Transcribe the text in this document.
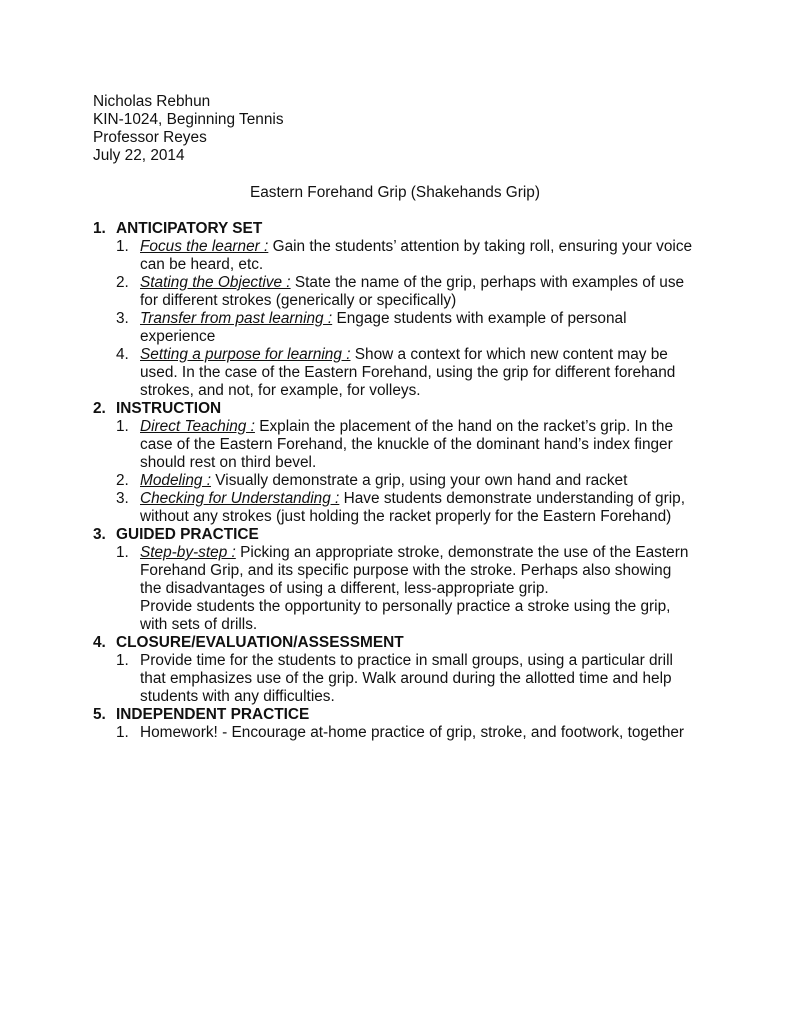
Nicholas Rebhun
KIN-1024, Beginning Tennis
Professor Reyes
July 22, 2014
Eastern Forehand Grip (Shakehands Grip)
1. ANTICIPATORY SET
1. Focus the learner : Gain the students’ attention by taking roll, ensuring your voice
can be heard, etc.
2. Stating the Objective : State the name of the grip, perhaps with examples of use
for different strokes (generically or specifically)
3. Transfer from past learning : Engage students with example of personal
experience
4. Setting a purpose for learning : Show a context for which new content may be
used. In the case of the Eastern Forehand, using the grip for different forehand
strokes, and not, for example, for volleys.
2. INSTRUCTION
1. Direct Teaching : Explain the placement of the hand on the racket’s grip. In the
case of the Eastern Forehand, the knuckle of the dominant hand’s index finger
should rest on third bevel.
2. Modeling : Visually demonstrate a grip, using your own hand and racket
3. Checking for Understanding : Have students demonstrate understanding of grip,
without any strokes (just holding the racket properly for the Eastern Forehand)
3. GUIDED PRACTICE
1. Step-by-step : Picking an appropriate stroke, demonstrate the use of the Eastern
Forehand Grip, and its specific purpose with the stroke. Perhaps also showing
the disadvantages of using a different, less-appropriate grip.
Provide students the opportunity to personally practice a stroke using the grip,
with sets of drills.
4. CLOSURE/EVALUATION/ASSESSMENT
1. Provide time for the students to practice in small groups, using a particular drill
that emphasizes use of the grip. Walk around during the allotted time and help
students with any difficulties.
5. INDEPENDENT PRACTICE
1. Homework! - Encourage at-home practice of grip, stroke, and footwork, together
